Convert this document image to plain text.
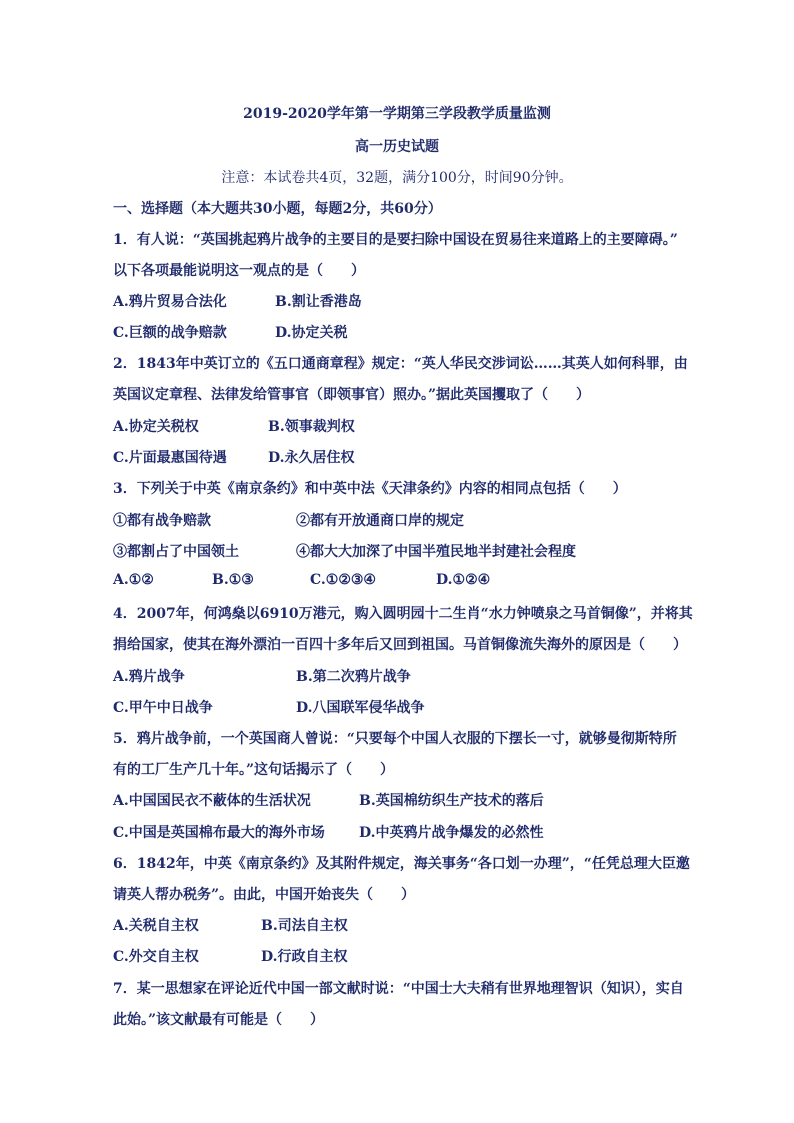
2019-2020学年第一学期第三学段教学质量监测
高一历史试题
注意：本试卷共4页，32题，满分100分，时间90分钟。
一、选择题（本大题共30小题，每题2分，共60分）
1．有人说：“英国挑起鸦片战争的主要目的是要扫除中国设在贸易往来道路上的主要障碍。”
以下各项最能说明这一观点的是（　　）
A.鸦片贸易合法化	B.割让香港岛
C.巨额的战争赔款	D.协定关税
2．1843年中英订立的《五口通商章程》规定：“英人华民交涉词讼……其英人如何科罪，由
英国议定章程、法律发给管事官（即领事官）照办。”据此英国攫取了（　　）
A.协定关税权	B.领事裁判权
C.片面最惠国待遇	D.永久居住权
3．下列关于中英《南京条约》和中英中法《天津条约》内容的相同点包括（　　）
①都有战争赔款	②都有开放通商口岸的规定
③都割占了中国领土	④都大大加深了中国半殖民地半封建社会程度
A.①②	B.①③	C.①②③④	D.①②④
4．2007年，何鸿燊以6910万港元，购入圆明园十二生肖“水力钟喷泉之马首铜像”，并将其
捐给国家，使其在海外漂泊一百四十多年后又回到祖国。马首铜像流失海外的原因是（　　）
A.鸦片战争	B.第二次鸦片战争
C.甲午中日战争	D.八国联军侵华战争
5．鸦片战争前，一个英国商人曾说：“只要每个中国人衣服的下摆长一寸，就够曼彻斯特所
有的工厂生产几十年。”这句话揭示了（　　）
A.中国国民衣不蔽体的生活状况	B.英国棉纺织生产技术的落后
C.中国是英国棉布最大的海外市场 D.中英鸦片战争爆发的必然性
6．1842年，中英《南京条约》及其附件规定，海关事务“各口划一办理”，“任凭总理大臣邀
请英人帮办税务”。由此，中国开始丧失（　　）
A.关税自主权	B.司法自主权
C.外交自主权	D.行政自主权
7．某一思想家在评论近代中国一部文献时说：“中国士大夫稍有世界地理智识（知识），实自
此始。”该文献最有可能是（　　）
